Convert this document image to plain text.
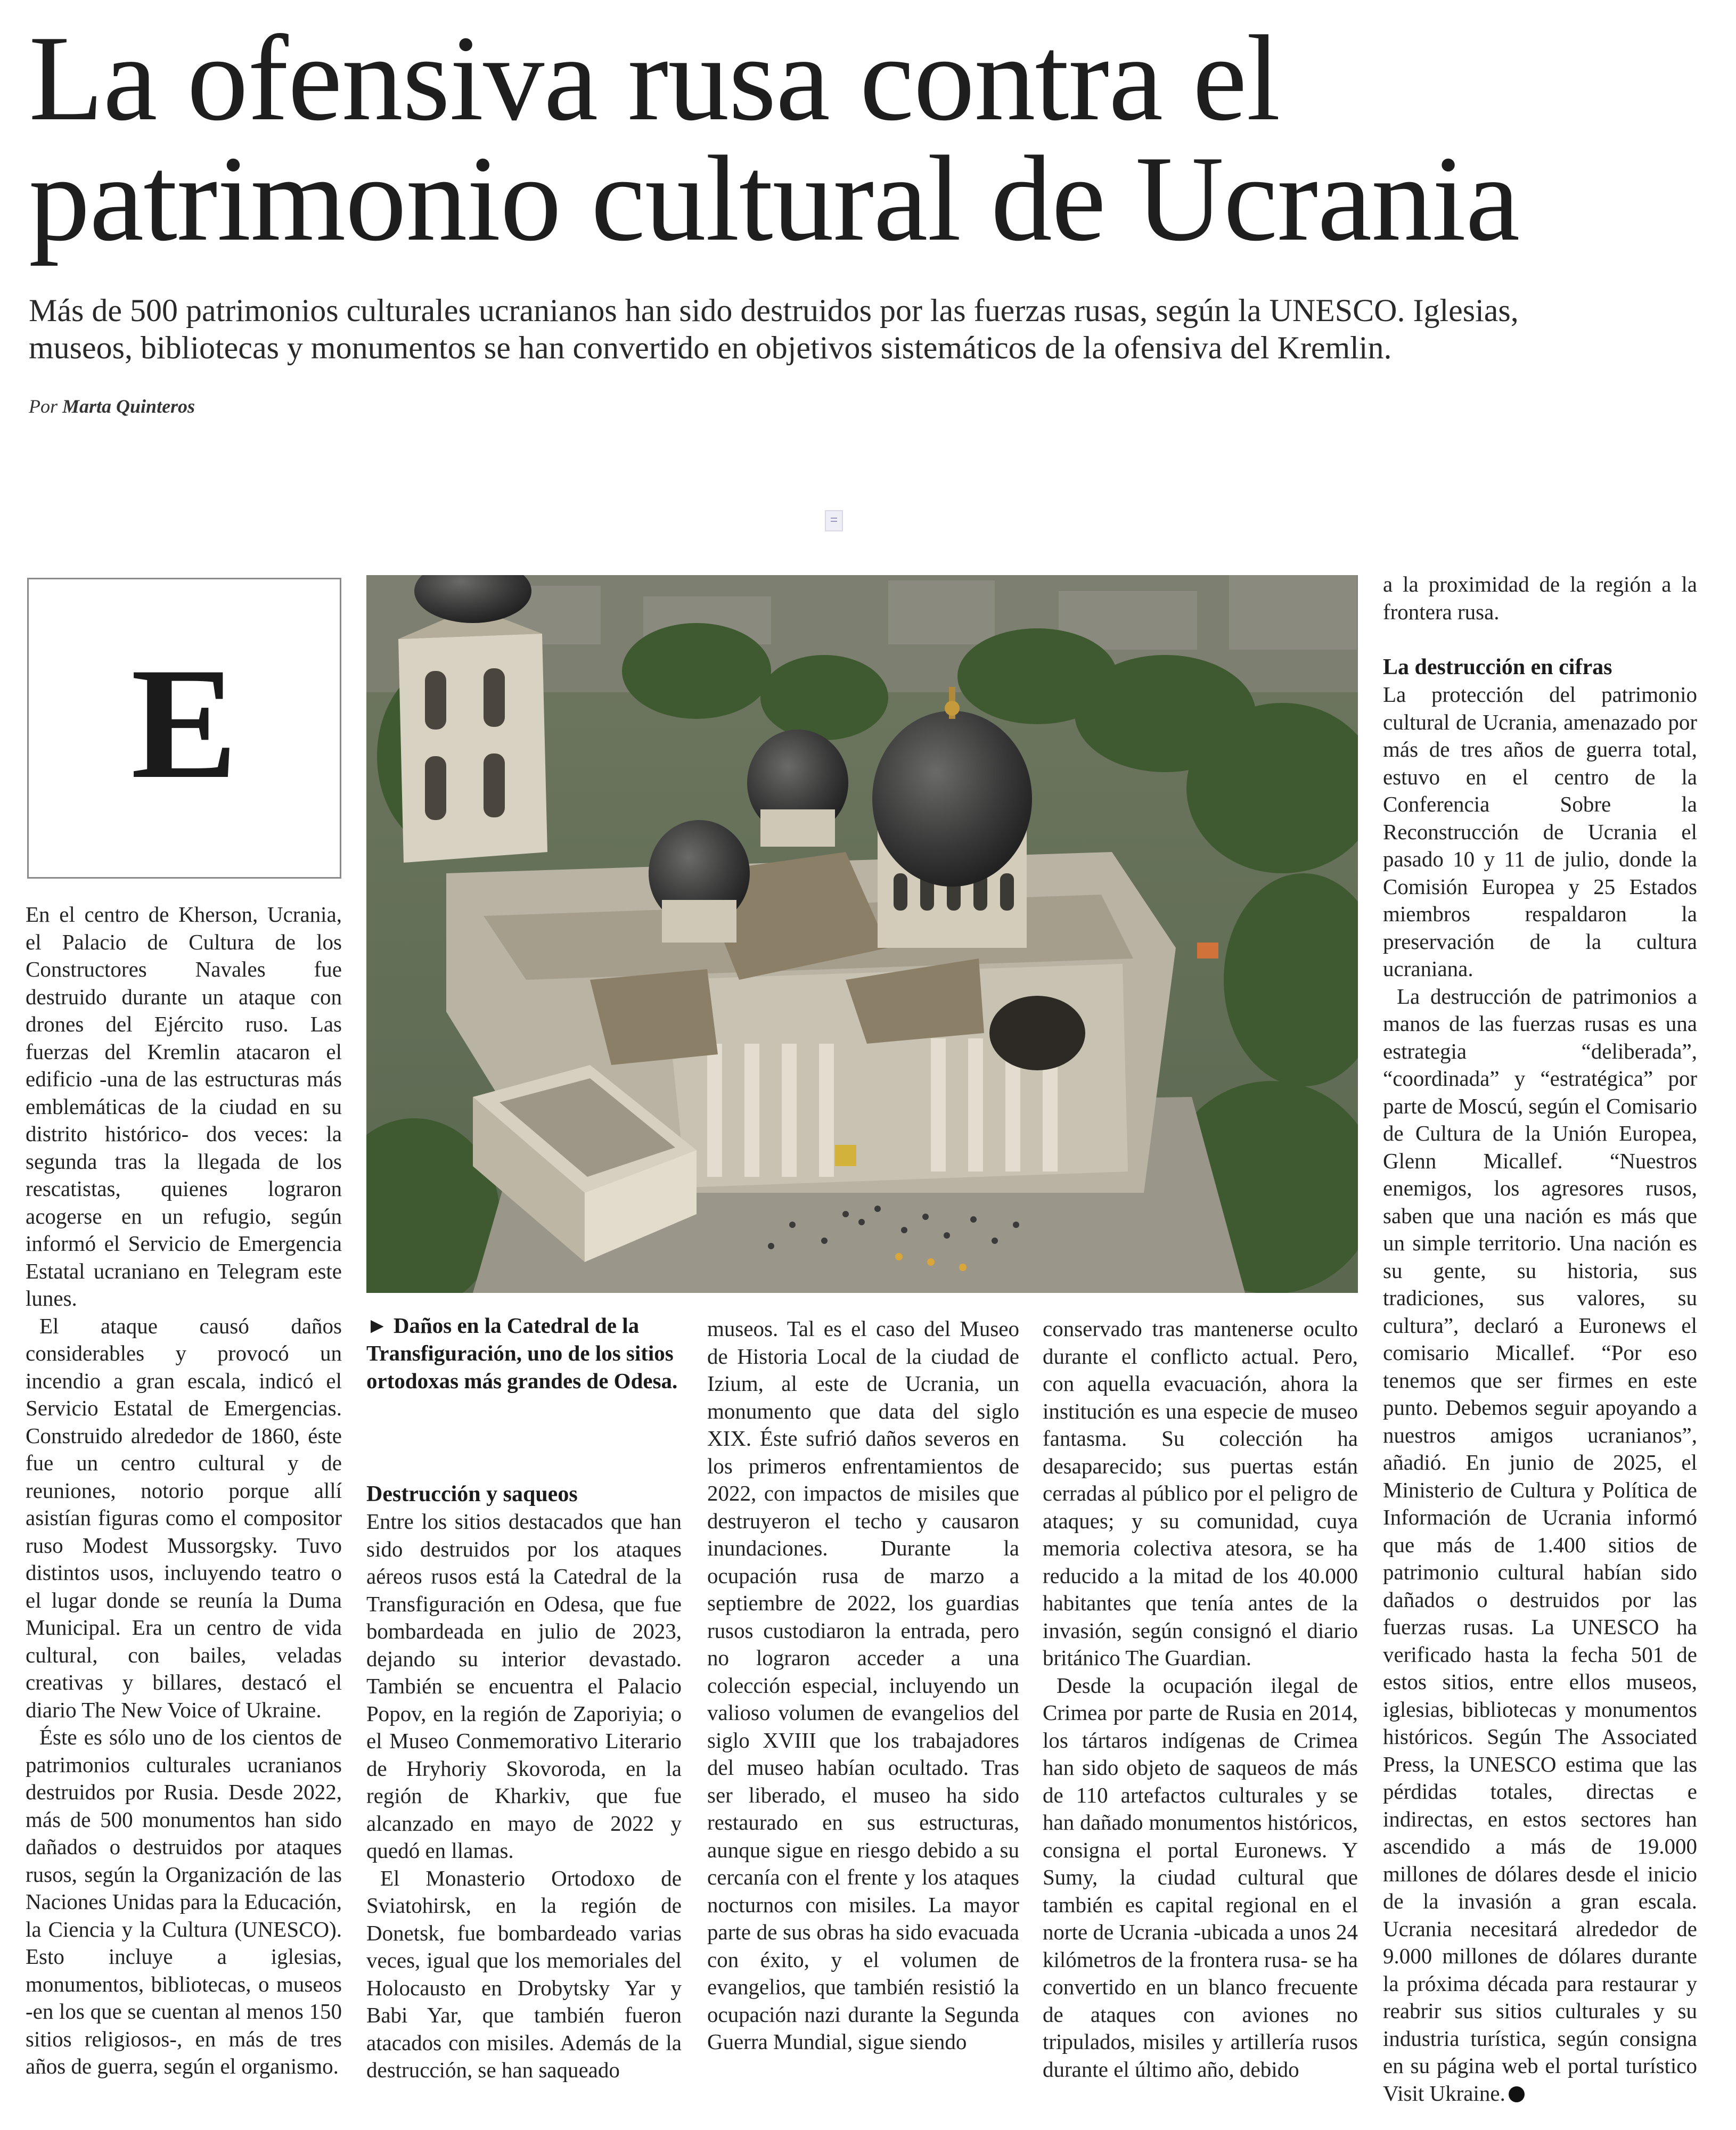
La ofensiva rusa contra el
patrimonio cultural de Ucrania
Más de 500 patrimonios culturales ucranianos han sido destruidos por las fuerzas rusas, según la UNESCO. Iglesias,
museos, bibliotecas y monumentos se han convertido en objetivos sistemáticos de la ofensiva del Kremlin.
Por Marta Quinteros
E
► Daños en la Catedral de la Transfiguración, uno de los sitios ortodoxas más grandes de Odesa.

En el centro de Kherson, Ucrania, el Palacio de Cultura de los Constructores Navales fue destruido durante un ataque con drones del Ejército ruso. Las fuerzas del Kremlin atacaron el edificio -una de las estructuras más emblemáticas de la ciudad en su distrito histórico- dos veces: la segunda tras la llegada de los rescatistas, quienes lograron acogerse en un refugio, según informó el Servicio de Emergencia Estatal ucraniano en Telegram este lunes.

El ataque causó daños considerables y provocó un incendio a gran escala, indicó el Servicio Estatal de Emergencias. Construido alrededor de 1860, éste fue un centro cultural y de reuniones, notorio porque allí asistían figuras como el compositor ruso Modest Mussorgsky. Tuvo distintos usos, incluyendo teatro o el lugar donde se reunía la Duma Municipal. Era un centro de vida cultural, con bailes, veladas creativas y billares, destacó el diario The New Voice of Ukraine.

Éste es sólo uno de los cientos de patrimonios culturales ucranianos destruidos por Rusia. Desde 2022, más de 500 monumentos han sido dañados o destruidos por ataques rusos, según la Organización de las Naciones Unidas para la Educación, la Ciencia y la Cultura (UNESCO). Esto incluye a iglesias, monumentos, bibliotecas, o museos -en los que se cuentan al menos 150 sitios religiosos-, en más de tres años de guerra, según el organismo.

Destrucción y saqueos

Entre los sitios destacados que han sido destruidos por los ataques aéreos rusos está la Catedral de la Transfiguración en Odesa, que fue bombardeada en julio de 2023, dejando su interior devastado. También se encuentra el Palacio Popov, en la región de Zaporiyia; o el Museo Conmemorativo Literario de Hryhoriy Skovoroda, en la región de Kharkiv, que fue alcanzado en mayo de 2022 y quedó en llamas.

El Monasterio Ortodoxo de Sviatohirsk, en la región de Donetsk, fue bombardeado varias veces, igual que los memoriales del Holocausto en Drobytsky Yar y Babi Yar, que también fueron atacados con misiles. Además de la destrucción, se han saqueado

museos. Tal es el caso del Museo de Historia Local de la ciudad de Izium, al este de Ucrania, un monumento que data del siglo XIX. Éste sufrió daños severos en los primeros enfrentamientos de 2022, con impactos de misiles que destruyeron el techo y causaron inundaciones. Durante la ocupación rusa de marzo a septiembre de 2022, los guardias rusos custodiaron la entrada, pero no lograron acceder a una colección especial, incluyendo un valioso volumen de evangelios del siglo XVIII que los trabajadores del museo habían ocultado. Tras ser liberado, el museo ha sido restaurado en sus estructuras, aunque sigue en riesgo debido a su cercanía con el frente y los ataques nocturnos con misiles. La mayor parte de sus obras ha sido evacuada con éxito, y el volumen de evangelios, que también resistió la ocupación nazi durante la Segunda Guerra Mundial, sigue siendo

conservado tras mantenerse oculto durante el conflicto actual. Pero, con aquella evacuación, ahora la institución es una especie de museo fantasma. Su colección ha desaparecido; sus puertas están cerradas al público por el peligro de ataques; y su comunidad, cuya memoria colectiva atesora, se ha reducido a la mitad de los 40.000 habitantes que tenía antes de la invasión, según consignó el diario británico The Guardian.

Desde la ocupación ilegal de Crimea por parte de Rusia en 2014, los tártaros indígenas de Crimea han sido objeto de saqueos de más de 110 artefactos culturales y se han dañado monumentos históricos, consigna el portal Euronews. Y Sumy, la ciudad cultural que también es capital regional en el norte de Ucrania -ubicada a unos 24 kilómetros de la frontera rusa- se ha convertido en un blanco frecuente de ataques con aviones no tripulados, misiles y artillería rusos durante el último año, debido

a la proximidad de la región a la frontera rusa.

La destrucción en cifras

La protección del patrimonio cultural de Ucrania, amenazado por más de tres años de guerra total, estuvo en el centro de la Conferencia Sobre la Reconstrucción de Ucrania el pasado 10 y 11 de julio, donde la Comisión Europea y 25 Estados miembros respaldaron la preservación de la cultura ucraniana.

La destrucción de patrimonios a manos de las fuerzas rusas es una estrategia “deliberada”, “coordinada” y “estratégica” por parte de Moscú, según el Comisario de Cultura de la Unión Europea, Glenn Micallef. “Nuestros enemigos, los agresores rusos, saben que una nación es más que un simple territorio. Una nación es su gente, su historia, sus tradiciones, sus valores, su cultura”, declaró a Euronews el comisario Micallef. “Por eso tenemos que ser firmes en este punto. Debemos seguir apoyando a nuestros amigos ucranianos”, añadió. En junio de 2025, el Ministerio de Cultura y Política de Información de Ucrania informó que más de 1.400 sitios de patrimonio cultural habían sido dañados o destruidos por las fuerzas rusas. La UNESCO ha verificado hasta la fecha 501 de estos sitios, entre ellos museos, iglesias, bibliotecas y monumentos históricos. Según The Associated Press, la UNESCO estima que las pérdidas totales, directas e indirectas, en estos sectores han ascendido a más de 19.000 millones de dólares desde el inicio de la invasión a gran escala. Ucrania necesitará alrededor de 9.000 millones de dólares durante la próxima década para restaurar y reabrir sus sitios culturales y su industria turística, según consigna en su página web el portal turístico Visit Ukraine.
